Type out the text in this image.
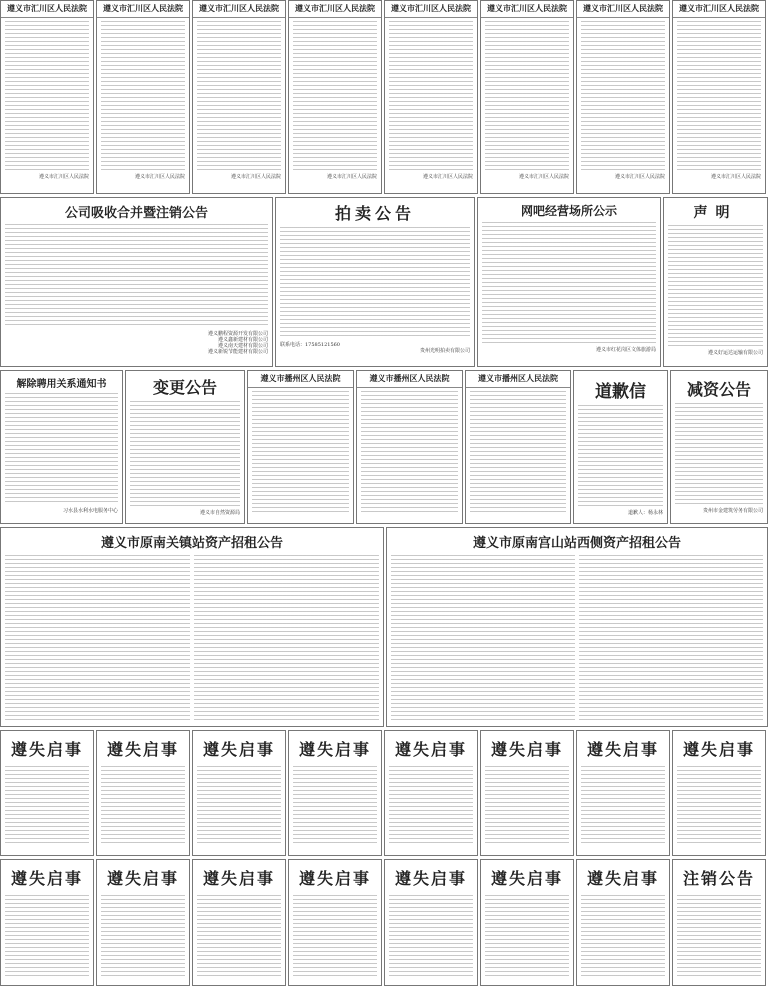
遵义市汇川区人民法院
遵义市汇川区人民法院
遵义市汇川区人民法院
遵义市汇川区人民法院
遵义市汇川区人民法院
遵义市汇川区人民法院
遵义市汇川区人民法院
遵义市汇川区人民法院
遵义市汇川区人民法院
遵义市汇川区人民法院
遵义市汇川区人民法院
遵义市汇川区人民法院
遵义市汇川区人民法院
遵义市汇川区人民法院
遵义市汇川区人民法院
遵义市汇川区人民法院
公司吸收合并暨注销公告
遵义鹏程资源开发有限公司
遵义鑫新建材有限公司
遵义南天建材有限公司
遵义新锐节能建材有限公司
拍卖公告
联系电话：17585121560
贵州光明拍卖有限公司
网吧经营场所公示
遵义市红花岗区文体旅游局
声明
遵义好运达运输有限公司
解除聘用关系通知书
习水县水利水电服务中心
变更公告
遵义市自然资源局
遵义市播州区人民法院	遵义市播州区人民法院	遵义市播州区人民法院
道歉信
道歉人：杨永林
减资公告
贵州市金建筑劳务有限公司
遵义市原南关镇站资产招租公告	遵义市原南宫山站西侧资产招租公告
遵失启事	遵失启事	遵失启事	遵失启事	遵失启事	遵失启事	遵失启事	遵失启事
遵失启事	遵失启事	遵失启事	遵失启事	遵失启事	遵失启事	遵失启事	注销公告
